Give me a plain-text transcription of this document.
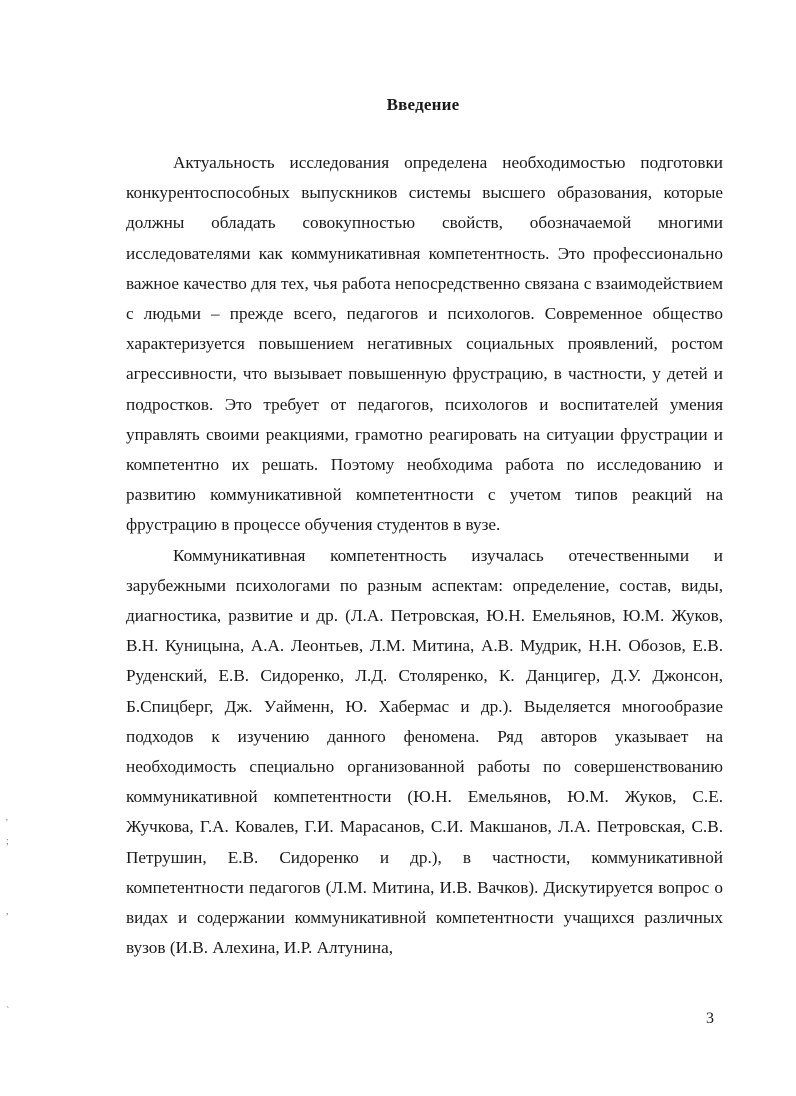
Введение

Актуальность исследования определена необходимостью подготовки конкурентоспособных выпускников системы высшего образования, которые должны обладать совокупностью свойств, обозначаемой многими исследователями как коммуникативная компетентность. Это профессионально важное качество для тех, чья работа непосредственно связана с взаимодействием с людьми – прежде всего, педагогов и психологов. Современное общество характеризуется повышением негативных социальных проявлений, ростом агрессивности, что вызывает повышенную фрустрацию, в частности, у детей и подростков. Это требует от педагогов, психологов и воспитателей умения управлять своими реакциями, грамотно реагировать на ситуации фрустрации и компетентно их решать. Поэтому необходима работа по исследованию и развитию коммуникативной компетентности с учетом типов реакций на фрустрацию в процессе обучения студентов в вузе.

Коммуникативная компетентность изучалась отечественными и зарубежными психологами по разным аспектам: определение, состав, виды, диагностика, развитие и др. (Л.А. Петровская, Ю.Н. Емельянов, Ю.М. Жуков, В.Н. Куницына, А.А. Леонтьев, Л.М. Митина, А.В. Мудрик, Н.Н. Обозов, Е.В. Руденский, Е.В. Сидоренко, Л.Д. Столяренко, К. Данцигер, Д.У. Джонсон, Б.Спицберг, Дж. Уайменн, Ю. Хабермас и др.). Выделяется многообразие подходов к изучению данного феномена. Ряд авторов указывает на необходимость специально организованной работы по совершенствованию коммуникативной компетентности (Ю.Н. Емельянов, Ю.М. Жуков, С.Е. Жучкова, Г.А. Ковалев, Г.И. Марасанов, С.И. Макшанов, Л.А. Петровская, С.В. Петрушин, Е.В. Сидоренко и др.), в частности, коммуникативной компетентности педагогов (Л.М. Митина, И.В. Вачков). Дискутируется вопрос о видах и содержании коммуникативной компетентности учащихся различных вузов (И.В. Алехина, И.Р. Алтунина,

3
'
;
,
`
